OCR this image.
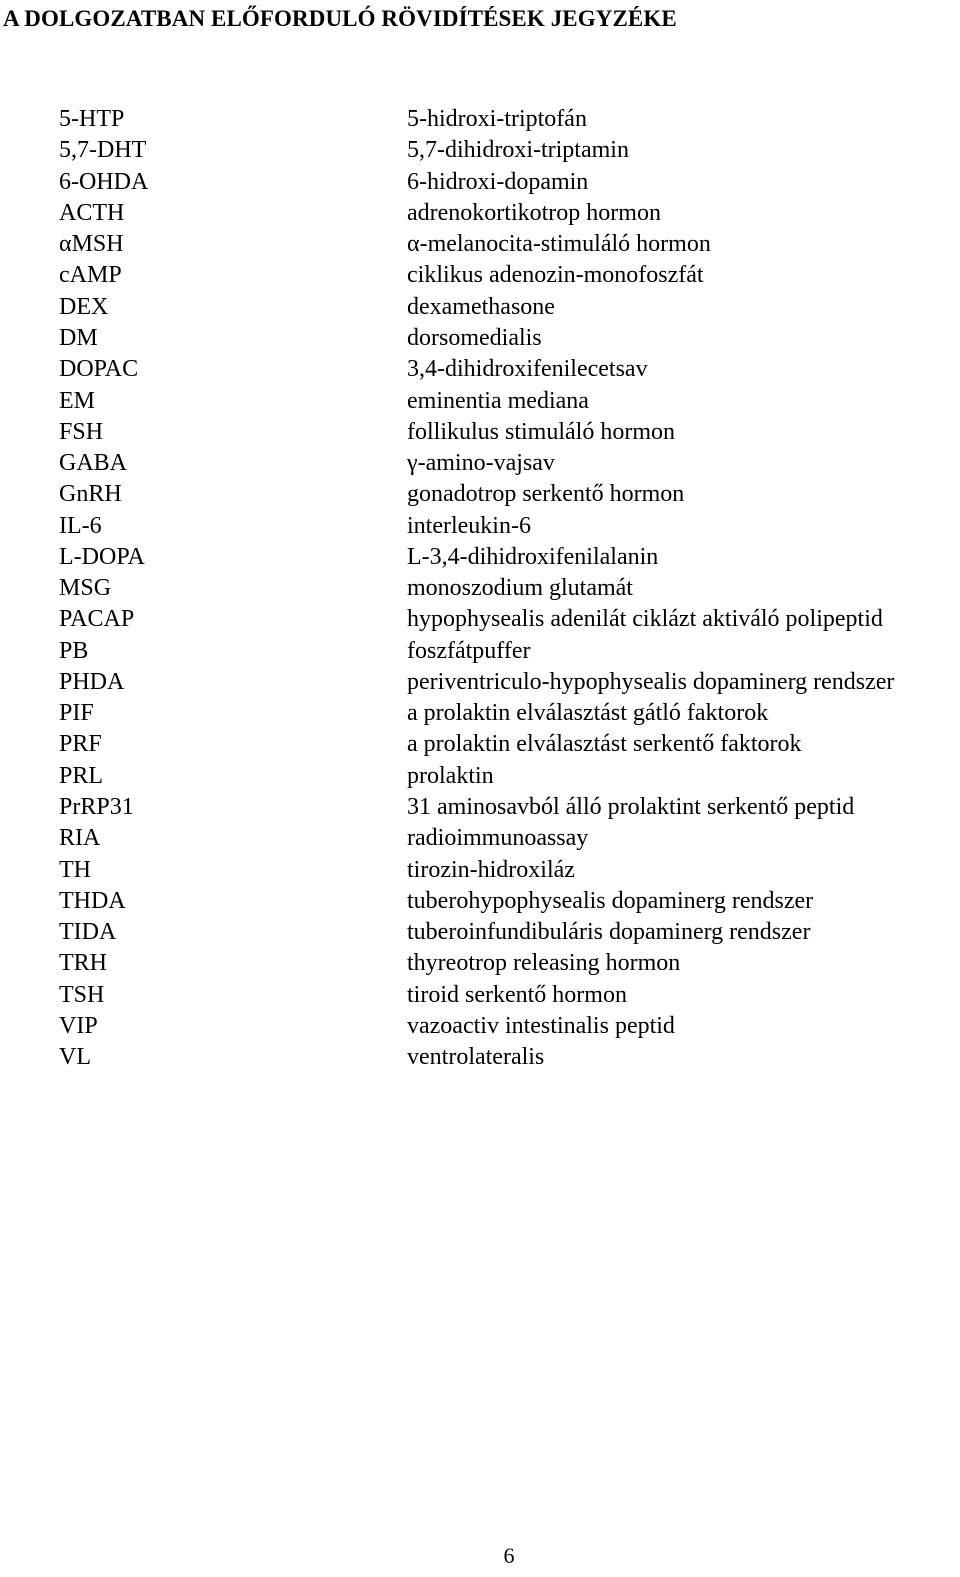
A DOLGOZATBAN ELŐFORDULÓ RÖVIDÍTÉSEK JEGYZÉKE
5-HTP	5-hidroxi-triptofán
5,7-DHT	5,7-dihidroxi-triptamin
6-OHDA	6-hidroxi-dopamin
ACTH	adrenokortikotrop hormon
αMSH	α-melanocita-stimuláló hormon
cAMP	ciklikus adenozin-monofoszfát
DEX	dexamethasone
DM	dorsomedialis
DOPAC	3,4-dihidroxifenilecetsav
EM	eminentia mediana
FSH	follikulus stimuláló hormon
GABA	γ-amino-vajsav
GnRH	gonadotrop serkentő hormon
IL-6	interleukin-6
L-DOPA	L-3,4-dihidroxifenilalanin
MSG	monoszodium glutamát
PACAP	hypophysealis adenilát ciklázt aktiváló polipeptid
PB	foszfátpuffer
PHDA	periventriculo-hypophysealis dopaminerg rendszer
PIF	a prolaktin elválasztást gátló faktorok
PRF	a prolaktin elválasztást serkentő faktorok
PRL	prolaktin
PrRP31	31 aminosavból álló prolaktint serkentő peptid
RIA	radioimmunoassay
TH	tirozin-hidroxiláz
THDA	tuberohypophysealis dopaminerg rendszer
TIDA	tuberoinfundibuláris dopaminerg rendszer
TRH	thyreotrop releasing hormon
TSH	tiroid serkentő hormon
VIP	vazoactiv intestinalis peptid
VL	ventrolateralis
6
